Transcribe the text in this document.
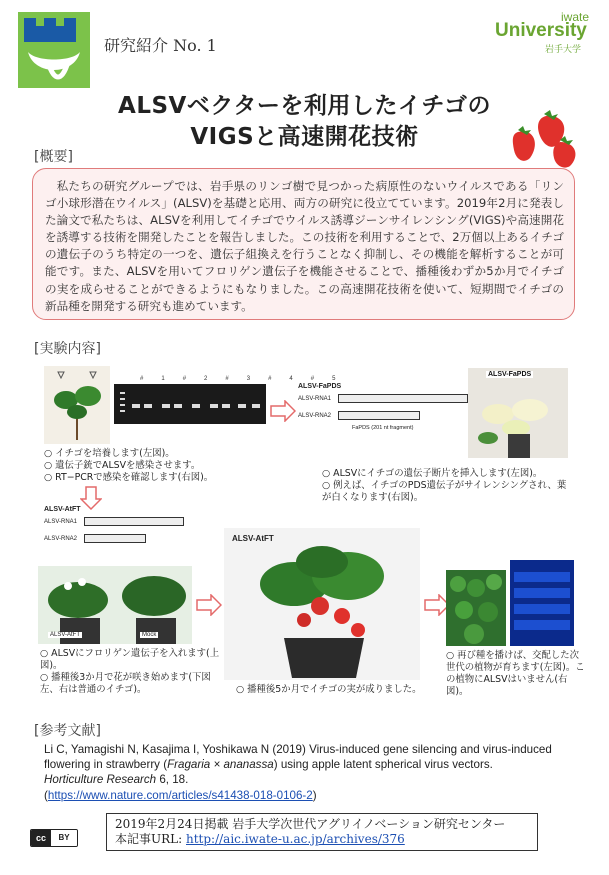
研究紹介 No. 1
iwate
University
岩手大学
ALSVベクターを利用したイチゴの
VIGSと高速開花技術
[概要]
私たちの研究グループでは、岩手県のリンゴ樹で見つかった病原性のないウイルスである「リンゴ小球形潜在ウイルス」(ALSV)を基礎と応用、両方の研究に役立てています。2019年2月に発表した論文で私たちは、ALSVを利用してイチゴでウイルス誘導ジーンサイレンシング(VIGS)や高速開花を誘導する技術を開発したことを報告しました。この技術を利用することで、2万個以上あるイチゴの遺伝子のうち特定の一つを、遺伝子組換えを行うことなく抑制し、その機能を解析することが可能です。また、ALSVを用いてフロリゲン遺伝子を機能させることで、播種後わずか5か月でイチゴの実を成らせることができるようにもなりました。この高速開花技術を使いて、短期間でイチゴの新品種を開発する研究も進めています。
[実験内容]
#1#2#3#4#5
ALSV-FaPDS
ALSV-RNA1
ALSV-RNA2
FaPDS (201 nt fragment)
ALSV-FaPDS
○ イチゴを培養します(左図)。
○ 遺伝子銃でALSVを感染させます。
○ RT−PCRで感染を確認します(右図)。	○ ALSVにイチゴの遺伝子断片を挿入します(左図)。
○ 例えば、イチゴのPDS遺伝子がサイレンシングされ、葉が白くなります(右図)。
ALSV-AtFT
ALSV-RNA1
ALSV-RNA2
ALSV-AtFT	Mock
ALSV-AtFT
○ ALSVにフロリゲン遺伝子を入れます(上図)。
○ 播種後3か月で花が咲き始めます(下図左、右は普通のイチゴ)。	○ 播種後5か月でイチゴの実が成りました。
○ 再び種を播けば、交配した次世代の植物が育ちます(左図)。この植物にALSVはいません(右図)。
[参考文献]
Li C, Yamagishi N, Kasajima I, Yoshikawa N (2019) Virus-induced gene silencing and virus-induced flowering in strawberry (Fragaria × ananassa) using apple latent spherical virus vectors.
Horticulture Research 6, 18.
(https://www.nature.com/articles/s41438-018-0106-2)
cc	BY
2019年2月24日掲載 岩手大学次世代アグリイノベーション研究センター
本記事URL: http://aic.iwate-u.ac.jp/archives/376
